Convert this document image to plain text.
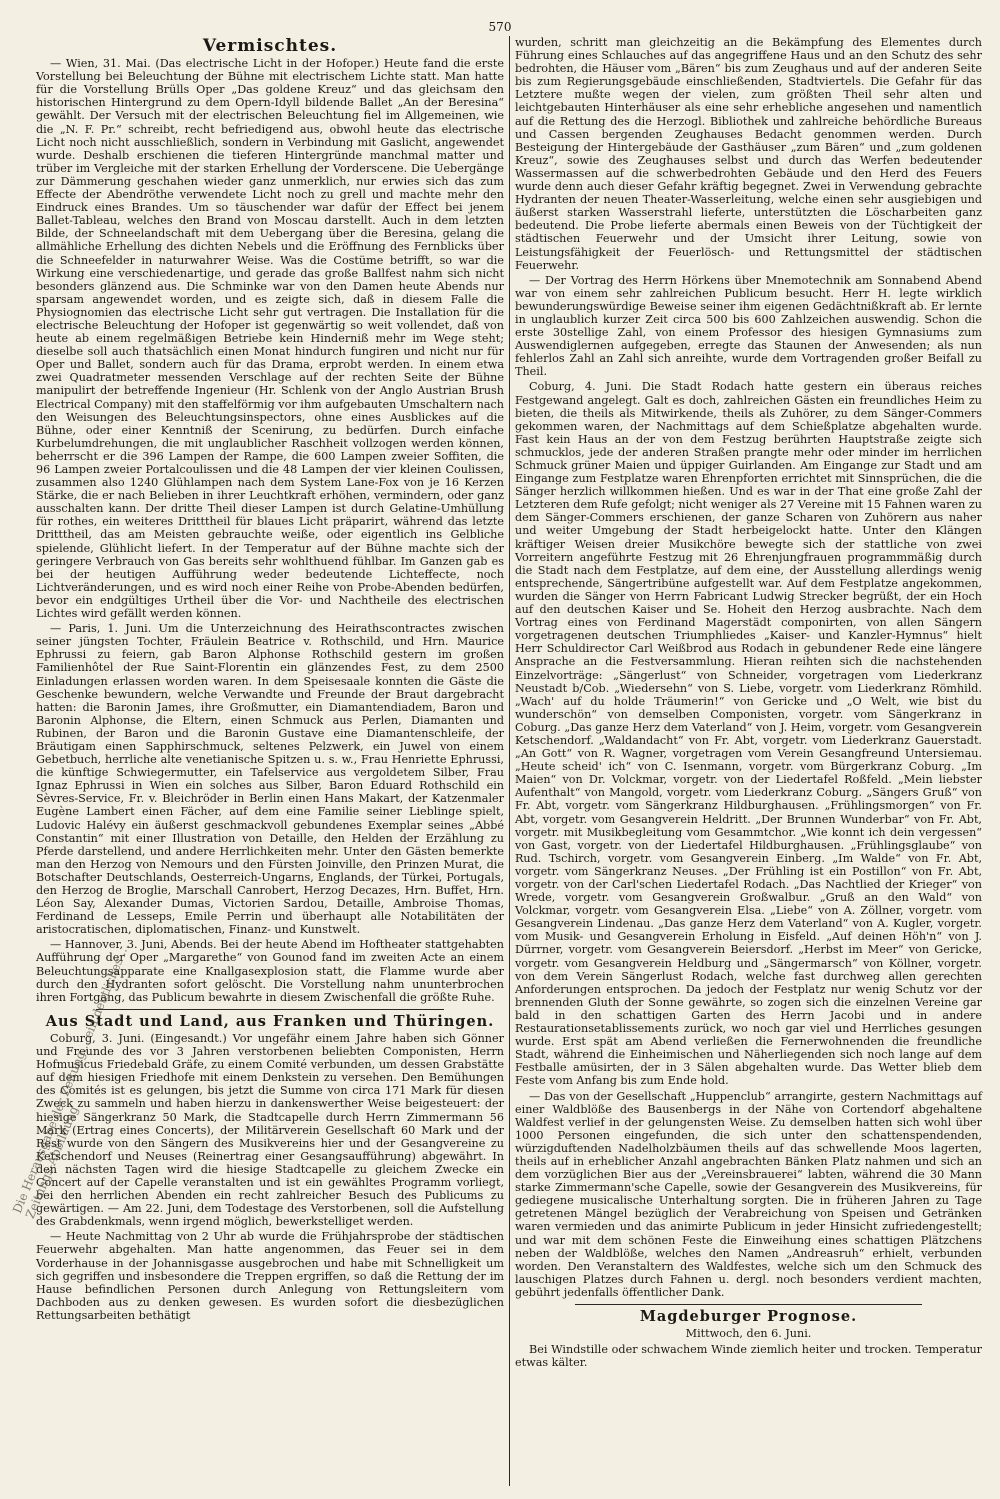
570
Vermischtes.

— Wien, 31. Mai. (Das electrische Licht in der Hofoper.) Heute fand die erste Vorstellung bei Beleuchtung der Bühne mit electrischem Lichte statt. Man hatte für die Vorstellung Brülls Oper „Das goldene Kreuz“ und das gleichsam den historischen Hintergrund zu dem Opern-Idyll bildende Ballet „An der Beresina“ gewählt. Der Versuch mit der electrischen Beleuchtung fiel im Allgemeinen, wie die „N. F. Pr.“ schreibt, recht befriedigend aus, obwohl heute das electrische Licht noch nicht ausschließlich, sondern in Verbindung mit Gaslicht, angewendet wurde. Deshalb erschienen die tieferen Hintergründe manchmal matter und trüber im Vergleiche mit der starken Erhellung der Vorderscene. Die Uebergänge zur Dämmerung geschahen wieder ganz unmerklich, nur erwies sich das zum Effecte der Abendröthe verwendete Licht noch zu grell und machte mehr den Eindruck eines Brandes. Um so täuschender war dafür der Effect bei jenem Ballet-Tableau, welches den Brand von Moscau darstellt. Auch in dem letzten Bilde, der Schneelandschaft mit dem Uebergang über die Beresina, gelang die allmähliche Erhellung des dichten Nebels und die Eröffnung des Fernblicks über die Schneefelder in naturwahrer Weise. Was die Costüme betrifft, so war die Wirkung eine verschiedenartige, und gerade das große Ballfest nahm sich nicht besonders glänzend aus. Die Schminke war von den Damen heute Abends nur sparsam angewendet worden, und es zeigte sich, daß in diesem Falle die Physiognomien das electrische Licht sehr gut vertragen. Die Installation für die electrische Beleuchtung der Hofoper ist gegenwärtig so weit vollendet, daß von heute ab einem regelmäßigen Betriebe kein Hinderniß mehr im Wege steht; dieselbe soll auch thatsächlich einen Monat hindurch fungiren und nicht nur für Oper und Ballet, sondern auch für das Drama, erprobt werden. In einem etwa zwei Quadratmeter messenden Verschlage auf der rechten Seite der Bühne manipulirt der betreffende Ingenieur (Hr. Schlenk von der Anglo Austrian Brush Electrical Company) mit den staffelförmig vor ihm aufgebauten Umschaltern nach den Weisungen des Beleuchtungsinspectors, ohne eines Ausblickes auf die Bühne, oder einer Kenntniß der Scenirung, zu bedürfen. Durch einfache Kurbelumdrehungen, die mit unglaublicher Raschheit vollzogen werden können, beherrscht er die 396 Lampen der Rampe, die 600 Lampen zweier Soffiten, die 96 Lampen zweier Portalcoulissen und die 48 Lampen der vier kleinen Coulissen, zusammen also 1240 Glühlampen nach dem System Lane-Fox von je 16 Kerzen Stärke, die er nach Belieben in ihrer Leuchtkraft erhöhen, vermindern, oder ganz ausschalten kann. Der dritte Theil dieser Lampen ist durch Gelatine-Umhüllung für rothes, ein weiteres Dritttheil für blaues Licht präparirt, während das letzte Dritttheil, das am Meisten gebrauchte weiße, oder eigentlich ins Gelbliche spielende, Glühlicht liefert. In der Temperatur auf der Bühne machte sich der geringere Verbrauch von Gas bereits sehr wohlthuend fühlbar. Im Ganzen gab es bei der heutigen Aufführung weder bedeutende Lichteffecte, noch Lichtveränderungen, und es wird noch einer Reihe von Probe-Abenden bedürfen, bevor ein endgültiges Urtheil über die Vor- und Nachtheile des electrischen Lichtes wird gefällt werden können.

— Paris, 1. Juni. Um die Unterzeichnung des Heirathscontractes zwischen seiner jüngsten Tochter, Fräulein Beatrice v. Rothschild, und Hrn. Maurice Ephrussi zu feiern, gab Baron Alphonse Rothschild gestern im großen Familienhôtel der Rue Saint-Florentin ein glänzendes Fest, zu dem 2500 Einladungen erlassen worden waren. In dem Speisesaale konnten die Gäste die Geschenke bewundern, welche Verwandte und Freunde der Braut dargebracht hatten: die Baronin James, ihre Großmutter, ein Diamantendiadem, Baron und Baronin Alphonse, die Eltern, einen Schmuck aus Perlen, Diamanten und Rubinen, der Baron und die Baronin Gustave eine Diamantenschleife, der Bräutigam einen Sapphirschmuck, seltenes Pelzwerk, ein Juwel von einem Gebetbuch, herrliche alte venetianische Spitzen u. s. w., Frau Henriette Ephrussi, die künftige Schwiegermutter, ein Tafelservice aus vergoldetem Silber, Frau Ignaz Ephrussi in Wien ein solches aus Silber, Baron Eduard Rothschild ein Sèvres-Service, Fr. v. Bleichröder in Berlin einen Hans Makart, der Katzenmaler Eugène Lambert einen Fächer, auf dem eine Familie seiner Lieblinge spielt, Ludovic Halévy ein äußerst geschmackvoll gebundenes Exemplar seines „Abbé Constantin“ mit einer Illustration von Detaille, den Helden der Erzählung zu Pferde darstellend, und andere Herrlichkeiten mehr. Unter den Gästen bemerkte man den Herzog von Nemours und den Fürsten Joinville, den Prinzen Murat, die Botschafter Deutschlands, Oesterreich-Ungarns, Englands, der Türkei, Portugals, den Herzog de Broglie, Marschall Canrobert, Herzog Decazes, Hrn. Buffet, Hrn. Léon Say, Alexander Dumas, Victorien Sardou, Detaille, Ambroise Thomas, Ferdinand de Lesseps, Emile Perrin und überhaupt alle Notabilitäten der aristocratischen, diplomatischen, Finanz- und Kunstwelt.

— Hannover, 3. Juni, Abends. Bei der heute Abend im Hoftheater stattgehabten Aufführung der Oper „Margarethe“ von Gounod fand im zweiten Acte an einem Beleuchtungsapparate eine Knallgasexplosion statt, die Flamme wurde aber durch den Hydranten sofort gelöscht. Die Vorstellung nahm ununterbrochen ihren Fortgang, das Publicum bewahrte in diesem Zwischenfall die größte Ruhe.

Aus Stadt und Land, aus Franken und Thüringen.

Coburg, 3. Juni. (Eingesandt.) Vor ungefähr einem Jahre haben sich Gönner und Freunde des vor 3 Jahren verstorbenen beliebten Componisten, Herrn Hofmusicus Friedebald Gräfe, zu einem Comité verbunden, um dessen Grabstätte auf dem hiesigen Friedhofe mit einem Denkstein zu versehen. Den Bemühungen des Comités ist es gelungen, bis jetzt die Summe von circa 171 Mark für diesen Zweck zu sammeln und haben hierzu in dankenswerther Weise beigesteuert: der hiesige Sängerkranz 50 Mark, die Stadtcapelle durch Herrn Zimmermann 56 Mark (Ertrag eines Concerts), der Militärverein Gesellschaft 60 Mark und der Rest wurde von den Sängern des Musikvereins hier und der Gesangvereine zu Ketschendorf und Neuses (Reinertrag einer Gesangsaufführung) abgewährt. In den nächsten Tagen wird die hiesige Stadtcapelle zu gleichem Zwecke ein Concert auf der Capelle veranstalten und ist ein gewähltes Programm vorliegt, bei den herrlichen Abenden ein recht zahlreicher Besuch des Publicums zu gewärtigen. — Am 22. Juni, dem Todestage des Verstorbenen, soll die Aufstellung des Grabdenkmals, wenn irgend möglich, bewerkstelliget werden.

— Heute Nachmittag von 2 Uhr ab wurde die Frühjahrsprobe der städtischen Feuerwehr abgehalten. Man hatte angenommen, das Feuer sei in dem Vorderhause in der Johannisgasse ausgebrochen und habe mit Schnelligkeit um sich gegriffen und insbesondere die Treppen ergriffen, so daß die Rettung der im Hause befindlichen Personen durch Anlegung von Rettungsleitern vom Dachboden aus zu denken gewesen. Es wurden sofort die diesbezüglichen Rettungsarbeiten bethätigt

wurden, schritt man gleichzeitig an die Bekämpfung des Elementes durch Führung eines Schlauches auf das angegriffene Haus und an den Schutz des sehr bedrohten, die Häuser vom „Bären“ bis zum Zeughaus und auf der anderen Seite bis zum Regierungsgebäude einschließenden, Stadtviertels. Die Gefahr für das Letztere mußte wegen der vielen, zum größten Theil sehr alten und leichtgebauten Hinterhäuser als eine sehr erhebliche angesehen und namentlich auf die Rettung des die Herzogl. Bibliothek und zahlreiche behördliche Bureaus und Cassen bergenden Zeughauses Bedacht genommen werden. Durch Besteigung der Hintergebäude der Gasthäuser „zum Bären“ und „zum goldenen Kreuz“, sowie des Zeughauses selbst und durch das Werfen bedeutender Wassermassen auf die schwerbedrohten Gebäude und den Herd des Feuers wurde denn auch dieser Gefahr kräftig begegnet. Zwei in Verwendung gebrachte Hydranten der neuen Theater-Wasserleitung, welche einen sehr ausgiebigen und äußerst starken Wasserstrahl lieferte, unterstützten die Löscharbeiten ganz bedeutend. Die Probe lieferte abermals einen Beweis von der Tüchtigkeit der städtischen Feuerwehr und der Umsicht ihrer Leitung, sowie von Leistungsfähigkeit der Feuerlösch- und Rettungsmittel der städtischen Feuerwehr.

— Der Vortrag des Herrn Hörkens über Mnemotechnik am Sonnabend Abend war von einem sehr zahlreichen Publicum besucht. Herr H. legte wirklich bewunderungswürdige Beweise seiner ihm eigenen Gedächtnißkraft ab. Er lernte in unglaublich kurzer Zeit circa 500 bis 600 Zahlzeichen auswendig. Schon die erste 30stellige Zahl, von einem Professor des hiesigen Gymnasiums zum Auswendiglernen aufgegeben, erregte das Staunen der Anwesenden; als nun fehlerlos Zahl an Zahl sich anreihte, wurde dem Vortragenden großer Beifall zu Theil.

Coburg, 4. Juni. Die Stadt Rodach hatte gestern ein überaus reiches Festgewand angelegt. Galt es doch, zahlreichen Gästen ein freundliches Heim zu bieten, die theils als Mitwirkende, theils als Zuhörer, zu dem Sänger-Commers gekommen waren, der Nachmittags auf dem Schießplatze abgehalten wurde. Fast kein Haus an der von dem Festzug berührten Hauptstraße zeigte sich schmucklos, jede der anderen Straßen prangte mehr oder minder im herrlichen Schmuck grüner Maien und üppiger Guirlanden. Am Eingange zur Stadt und am Eingange zum Festplatze waren Ehrenpforten errichtet mit Sinnsprüchen, die die Sänger herzlich willkommen hießen. Und es war in der That eine große Zahl der Letzteren dem Rufe gefolgt; nicht weniger als 27 Vereine mit 15 Fahnen waren zu dem Sänger-Commers erschienen, der ganze Scharen von Zuhörern aus naher und weiter Umgebung der Stadt herbeigelockt hatte. Unter den Klängen kräftiger Weisen dreier Musikchöre bewegte sich der stattliche von zwei Vorreitern angeführte Festzug mit 26 Ehrenjungfrauen programmmäßig durch die Stadt nach dem Festplatze, auf dem eine, der Ausstellung allerdings wenig entsprechende, Sängertribüne aufgestellt war. Auf dem Festplatze angekommen, wurden die Sänger von Herrn Fabricant Ludwig Strecker begrüßt, der ein Hoch auf den deutschen Kaiser und Se. Hoheit den Herzog ausbrachte. Nach dem Vortrag eines von Ferdinand Magerstädt componirten, von allen Sängern vorgetragenen deutschen Triumphliedes „Kaiser- und Kanzler-Hymnus“ hielt Herr Schuldirector Carl Weißbrod aus Rodach in gebundener Rede eine längere Ansprache an die Festversammlung. Hieran reihten sich die nachstehenden Einzelvorträge: „Sängerlust“ von Schneider, vorgetragen vom Liederkranz Neustadt b/Cob. „Wiedersehn“ von S. Liebe, vorgetr. vom Liederkranz Römhild. „Wach' auf du holde Träumerin!“ von Gericke und „O Welt, wie bist du wunderschön“ von demselben Componisten, vorgetr. vom Sängerkranz in Coburg. „Das ganze Herz dem Vaterland“ von J. Heim, vorgetr. vom Gesangverein Ketschendorf. „Waldandacht“ von Fr. Abt, vorgetr. vom Liederkranz Gauerstadt. „An Gott“ von R. Wagner, vorgetragen vom Verein Gesangfreund Untersiemau. „Heute scheid' ich“ von C. Isenmann, vorgetr. vom Bürgerkranz Coburg. „Im Maien“ von Dr. Volckmar, vorgetr. von der Liedertafel Roßfeld. „Mein liebster Aufenthalt“ von Mangold, vorgetr. vom Liederkranz Coburg. „Sängers Gruß“ von Fr. Abt, vorgetr. vom Sängerkranz Hildburghausen. „Frühlingsmorgen“ von Fr. Abt, vorgetr. vom Gesangverein Heldritt. „Der Brunnen Wunderbar“ von Fr. Abt, vorgetr. mit Musikbegleitung vom Gesammtchor. „Wie konnt ich dein vergessen“ von Gast, vorgetr. von der Liedertafel Hildburghausen. „Frühlingsglaube“ von Rud. Tschirch, vorgetr. vom Gesangverein Einberg. „Im Walde“ von Fr. Abt, vorgetr. vom Sängerkranz Neuses. „Der Frühling ist ein Postillon“ von Fr. Abt, vorgetr. von der Carl'schen Liedertafel Rodach. „Das Nachtlied der Krieger“ von Wrede, vorgetr. vom Gesangverein Großwalbur. „Gruß an den Wald“ von Volckmar, vorgetr. vom Gesangverein Elsa. „Liebe“ von A. Zöllner, vorgetr. vom Gesangverein Lindenau. „Das ganze Herz dem Vaterland“ von A. Kugler, vorgetr. vom Musik- und Gesangverein Erholung in Eisfeld. „Auf deinen Höh'n“ von J. Dürrner, vorgetr. vom Gesangverein Beiersdorf. „Herbst im Meer“ von Gericke, vorgetr. vom Gesangverein Heldburg und „Sängermarsch“ von Köllner, vorgetr. von dem Verein Sängerlust Rodach, welche fast durchweg allen gerechten Anforderungen entsprochen. Da jedoch der Festplatz nur wenig Schutz vor der brennenden Gluth der Sonne gewährte, so zogen sich die einzelnen Vereine gar bald in den schattigen Garten des Herrn Jacobi und in andere Restaurationsetablissements zurück, wo noch gar viel und Herrliches gesungen wurde. Erst spät am Abend verließen die Fernerwohnenden die freundliche Stadt, während die Einheimischen und Näherliegenden sich noch lange auf dem Festballe amüsirten, der in 3 Sälen abgehalten wurde. Das Wetter blieb dem Feste vom Anfang bis zum Ende hold.

— Das von der Gesellschaft „Huppenclub“ arrangirte, gestern Nachmittags auf einer Waldblöße des Bausenbergs in der Nähe von Cortendorf abgehaltene Waldfest verlief in der gelungensten Weise. Zu demselben hatten sich wohl über 1000 Personen eingefunden, die sich unter den schattenspendenden, würzigduftenden Nadelholzbäumen theils auf das schwellende Moos lagerten, theils auf in erheblicher Anzahl angebrachten Bänken Platz nahmen und sich an dem vorzüglichen Bier aus der „Vereinsbrauerei“ labten, während die 30 Mann starke Zimmermann'sche Capelle, sowie der Gesangverein des Musikvereins, für gediegene musicalische Unterhaltung sorgten. Die in früheren Jahren zu Tage getretenen Mängel bezüglich der Verabreichung von Speisen und Getränken waren vermieden und das animirte Publicum in jeder Hinsicht zufriedengestellt; und war mit dem schönen Feste die Einweihung eines schattigen Plätzchens neben der Waldblöße, welches den Namen „Andreasruh“ erhielt, verbunden worden. Den Veranstaltern des Waldfestes, welche sich um den Schmuck des lauschigen Platzes durch Fahnen u. dergl. noch besonders verdient machten, gebührt jedenfalls öffentlicher Dank.

Magdeburger Prognose.
Mittwoch, den 6. Juni.

Bei Windstille oder schwachem Winde ziemlich heiter und trocken. Temperatur etwas kälter.

Die Herausgabe der Zeitung... ein deutliches ... Zeitungs-Abbildung
